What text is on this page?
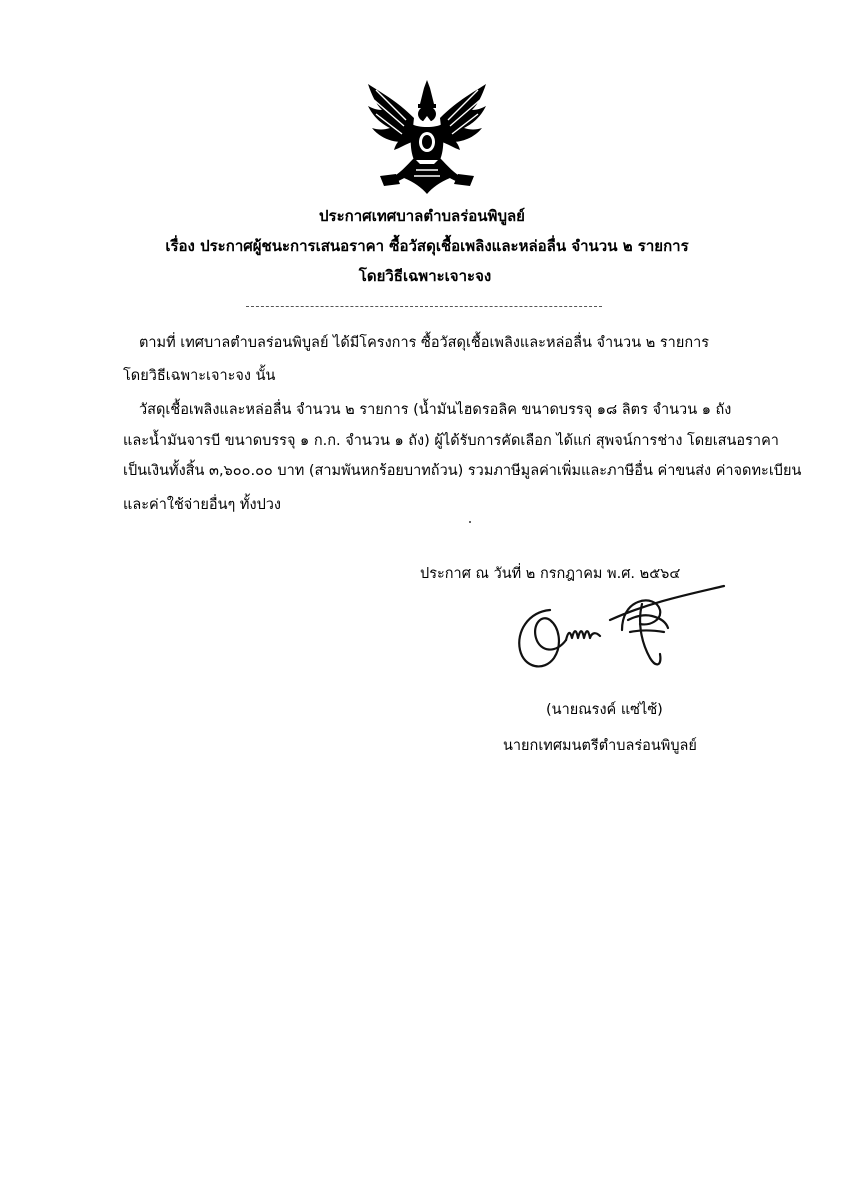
ประกาศเทศบาลตำบลร่อนพิบูลย์
เรื่อง ประกาศผู้ชนะการเสนอราคา ซื้อวัสดุเชื้อเพลิงและหล่อลื่น จำนวน ๒ รายการ
โดยวิธีเฉพาะเจาะจง
ตามที่ เทศบาลตำบลร่อนพิบูลย์ ได้มีโครงการ ซื้อวัสดุเชื้อเพลิงและหล่อลื่น จำนวน ๒ รายการ
โดยวิธีเฉพาะเจาะจง นั้น
วัสดุเชื้อเพลิงและหล่อลื่น จำนวน ๒ รายการ (น้ำมันไฮดรอลิค ขนาดบรรจุ ๑๘ ลิตร จำนวน ๑ ถัง
และน้ำมันจารบี ขนาดบรรจุ ๑ ก.ก. จำนวน ๑ ถัง) ผู้ได้รับการคัดเลือก ได้แก่ สุพจน์การช่าง โดยเสนอราคา
เป็นเงินทั้งสิ้น ๓,๖๐๐.๐๐ บาท (สามพันหกร้อยบาทถ้วน) รวมภาษีมูลค่าเพิ่มและภาษีอื่น ค่าขนส่ง ค่าจดทะเบียน
และค่าใช้จ่ายอื่นๆ ทั้งปวง
ประกาศ ณ วันที่ ๒ กรกฎาคม พ.ศ. ๒๕๖๔
(นายณรงค์ แซ่ไซ้)
นายกเทศมนตรีตำบลร่อนพิบูลย์
